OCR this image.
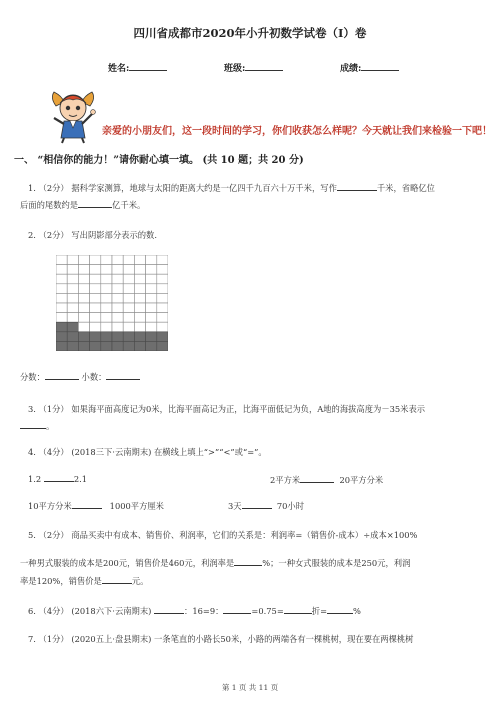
四川省成都市2020年小升初数学试卷（I）卷
姓名:	班级:	成绩:
亲爱的小朋友们，这一段时间的学习，你们收获怎么样呢？今天就让我们来检验一下吧！
一、 “相信你的能力！”请你耐心填一填。 (共 10 题；共 20 分)
1. （2分） 据科学家测算，地球与太阳的距离大约是一亿四千九百六十万千米，写作	千米，省略亿位
后面的尾数约是	亿千米。
2. （2分） 写出阴影部分表示的数.
分数：	小数：
3. （1分） 如果海平面高度记为0米，比海平面高记为正，比海平面低记为负，A地的海拔高度为－35米表示
。
4. （4分） (2018三下·云南期末) 在横线上填上“>”“<”或“=”。
1.2	2.1	2平方米	20平方分米
10平方分米	1000平方厘米	3天	70小时
5. （2分） 商品买卖中有成本、销售价、利润率，它们的关系是：利润率=（销售价-成本）÷成本×100%
一种男式服装的成本是200元，销售价是460元，利润率是	%；一种女式服装的成本是250元，利润
率是120%，销售价是	元。
6. （4分） (2018六下·云南期末)	：16=9：	=0.75=	折=	%
7. （1分） (2020五上·盘县期末) 一条笔直的小路长50米，小路的两端各有一棵桃树，现在要在两棵桃树
第 1 页 共 11 页
